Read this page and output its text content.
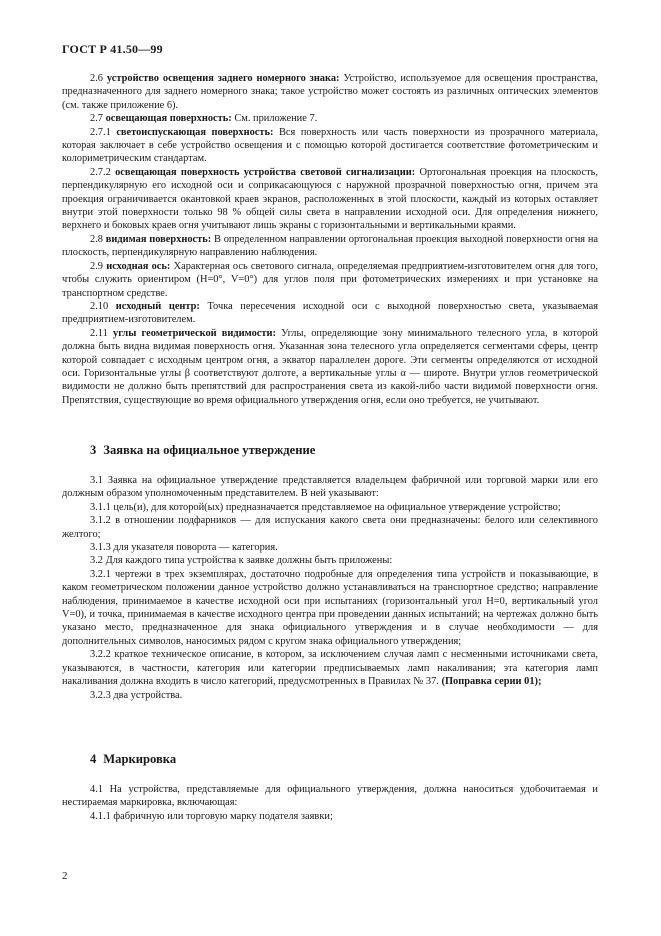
ГОСТ Р 41.50—99

2.6 устройство освещения заднего номерного знака: Устройство, используемое для освещения пространства, предназначенного для заднего номерного знака; такое устройство может состоять из различных оптических элементов (см. также приложение 6).

2.7 освещающая поверхность: См. приложение 7.

2.7.1 светоиспускающая поверхность: Вся поверхность или часть поверхности из прозрачного материала, которая заключает в себе устройство освещения и с помощью которой достигается соответствие фотометрическим и колориметрическим стандартам.

2.7.2 освещающая поверхность устройства световой сигнализации: Ортогональная проекция на плоскость, перпендикулярную его исходной оси и соприкасающуюся с наружной прозрачной поверхностью огня, причем эта проекция ограничивается окантовкой краев экранов, расположенных в этой плоскости, каждый из которых оставляет внутри этой поверхности только 98 % общей силы света в направлении исходной оси. Для определения нижнего, верхнего и боковых краев огня учитывают лишь экраны с горизонтальными и вертикальными краями.

2.8 видимая поверхность: В определенном направлении ортогональная проекция выходной поверхности огня на плоскость, перпендикулярную направлению наблюдения.

2.9 исходная ось: Характерная ось светового сигнала, определяемая предприятием-изготовителем огня для того, чтобы служить ориентиром (H=0°, V=0°) для углов поля при фотометрических измерениях и при установке на транспортном средстве.

2.10 исходный центр: Точка пересечения исходной оси с выходной поверхностью света, указываемая предприятием-изготовителем.

2.11 углы геометрической видимости: Углы, определяющие зону минимального телесного угла, в которой должна быть видна видимая поверхность огня. Указанная зона телесного угла определяется сегментами сферы, центр которой совпадает с исходным центром огня, а экватор параллелен дороге. Эти сегменты определяются от исходной оси. Горизонтальные углы β соответствуют долготе, а вертикальные углы α — широте. Внутри углов геометрической видимости не должно быть препятствий для распространения света из какой-либо части видимой поверхности огня. Препятствия, существующие во время официального утверждения огня, если оно требуется, не учитывают.

3 Заявка на официальное утверждение

3.1 Заявка на официальное утверждение представляется владельцем фабричной или торговой марки или его должным образом уполномоченным представителем. В ней указывают:

3.1.1 цель(и), для которой(ых) предназначается представляемое на официальное утверждение устройство;

3.1.2 в отношении подфарников — для испускания какого света они предназначены: белого или селективного желтого;

3.1.3 для указателя поворота — категория.

3.2 Для каждого типа устройства к заявке должны быть приложены:

3.2.1 чертежи в трех экземплярах, достаточно подробные для определения типа устройств и показывающие, в каком геометрическом положении данное устройство должно устанавливаться на транспортное средство; направление наблюдения, принимаемое в качестве исходной оси при испытаниях (горизонтальный угол H=0, вертикальный угол V=0), и точка, принимаемая в качестве исходного центра при проведении данных испытаний; на чертежах должно быть указано место, предназначенное для знака официального утверждения и в случае необходимости — для дополнительных символов, наносимых рядом с кругом знака официального утверждения;

3.2.2 краткое техническое описание, в котором, за исключением случая ламп с несменными источниками света, указываются, в частности, категория или категории предписываемых ламп накаливания; эта категория ламп накаливания должна входить в число категорий, предусмотренных в Правилах № 37. (Поправка серии 01);

3.2.3 два устройства.

4 Маркировка

4.1 На устройства, представляемые для официального утверждения, должна наноситься удобочитаемая и нестираемая маркировка, включающая:

4.1.1 фабричную или торговую марку подателя заявки;

2
